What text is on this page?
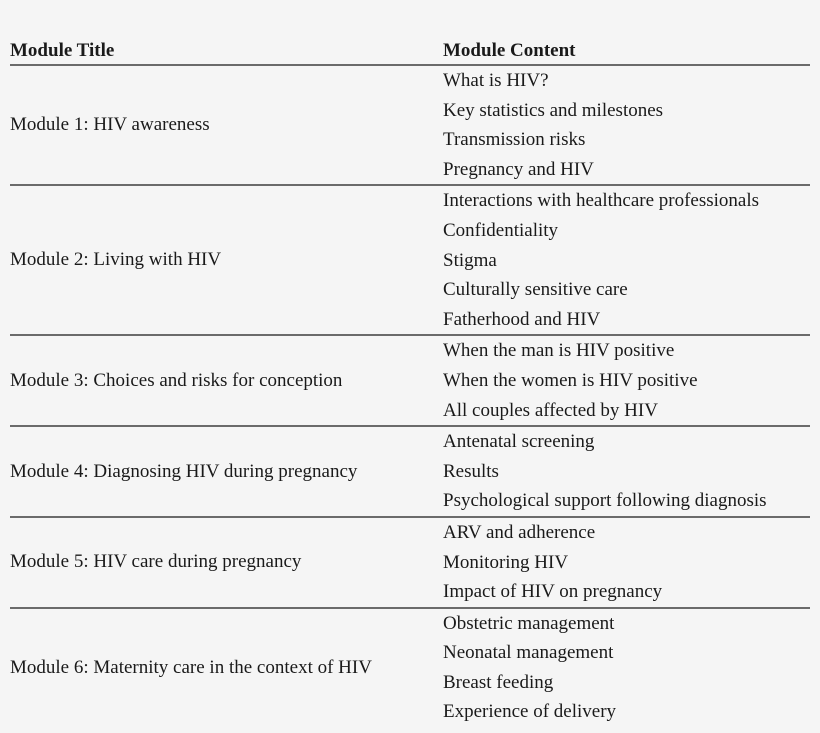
Module Title	Module Content
Module 1: HIV awareness
What is HIV?
Key statistics and milestones
Transmission risks
Pregnancy and HIV
Module 2: Living with HIV
Interactions with healthcare professionals
Confidentiality
Stigma
Culturally sensitive care
Fatherhood and HIV
Module 3: Choices and risks for conception
When the man is HIV positive
When the women is HIV positive
All couples affected by HIV
Module 4: Diagnosing HIV during pregnancy
Antenatal screening
Results
Psychological support following diagnosis
Module 5: HIV care during pregnancy
ARV and adherence
Monitoring HIV
Impact of HIV on pregnancy
Module 6: Maternity care in the context of HIV
Obstetric management
Neonatal management
Breast feeding
Experience of delivery
